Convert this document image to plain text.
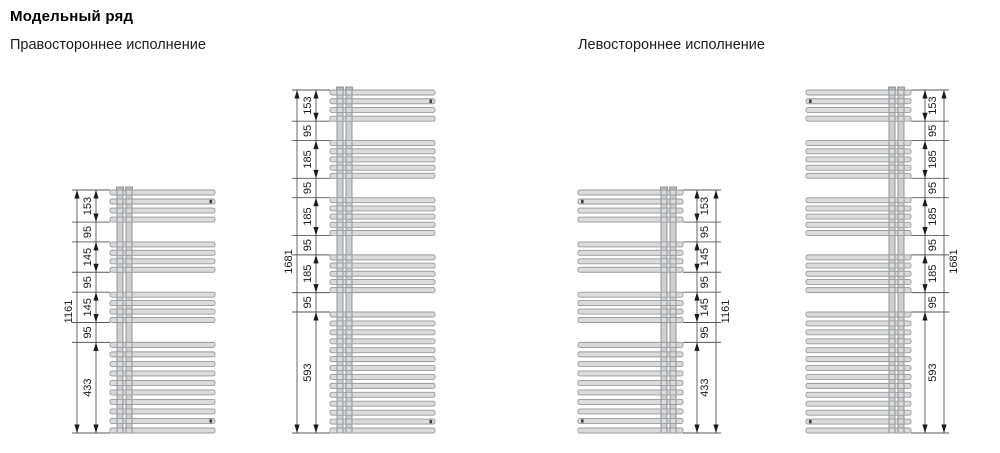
Модельный ряд
Правостороннее исполнение	Левостороннее исполнение
153
95
145
95
145
95
433
1161
153
95
185
95
185
95
185
95
593
1681
153
95
145
95
145
95
433
1161
153
95
185
95
185
95
185
95
593
1681
